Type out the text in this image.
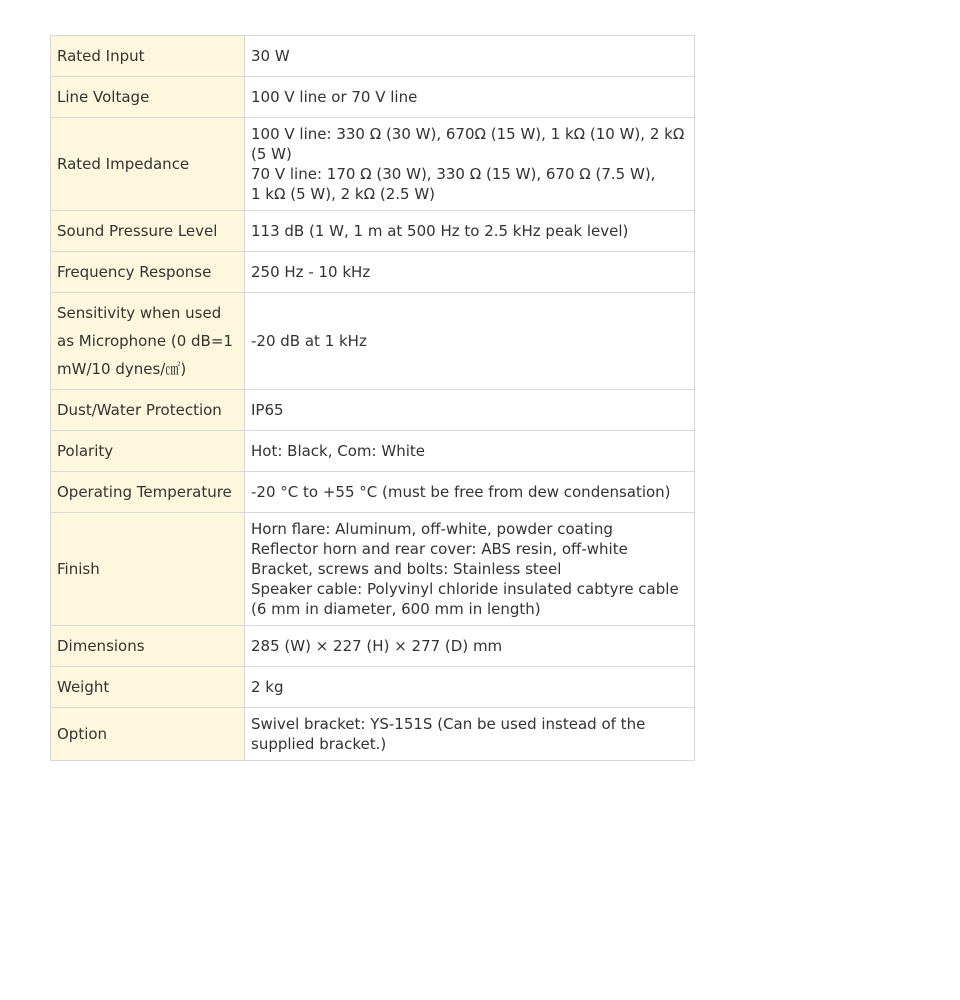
Rated Input	30 W

Line Voltage	100 V line or 70 V line

Rated Impedance	100 V line: 330 Ω (30 W), 670Ω (15 W), 1 kΩ (10 W), 2 kΩ (5 W)
70 V line: 170 Ω (30 W), 330 Ω (15 W), 670 Ω (7.5 W),
1 kΩ (5 W), 2 kΩ (2.5 W)

Sound Pressure Level	113 dB (1 W, 1 m at 500 Hz to 2.5 kHz peak level)

Frequency Response	250 Hz - 10 kHz

Sensitivity when used as Microphone (0 dB=1 mW/10 dynes/㎠)	-20 dB at 1 kHz

Dust/Water Protection	IP65

Polarity	Hot: Black, Com: White

Operating Temperature	-20 °C to +55 °C (must be free from dew condensation)

Finish	Horn flare: Aluminum, off-white, powder coating
Reflector horn and rear cover: ABS resin, off-white
Bracket, screws and bolts: Stainless steel
Speaker cable: Polyvinyl chloride insulated cabtyre cable
(6 mm in diameter, 600 mm in length)

Dimensions	285 (W) × 227 (H) × 277 (D) mm

Weight	2 kg

Option	Swivel bracket: YS-151S (Can be used instead of the supplied bracket.)
